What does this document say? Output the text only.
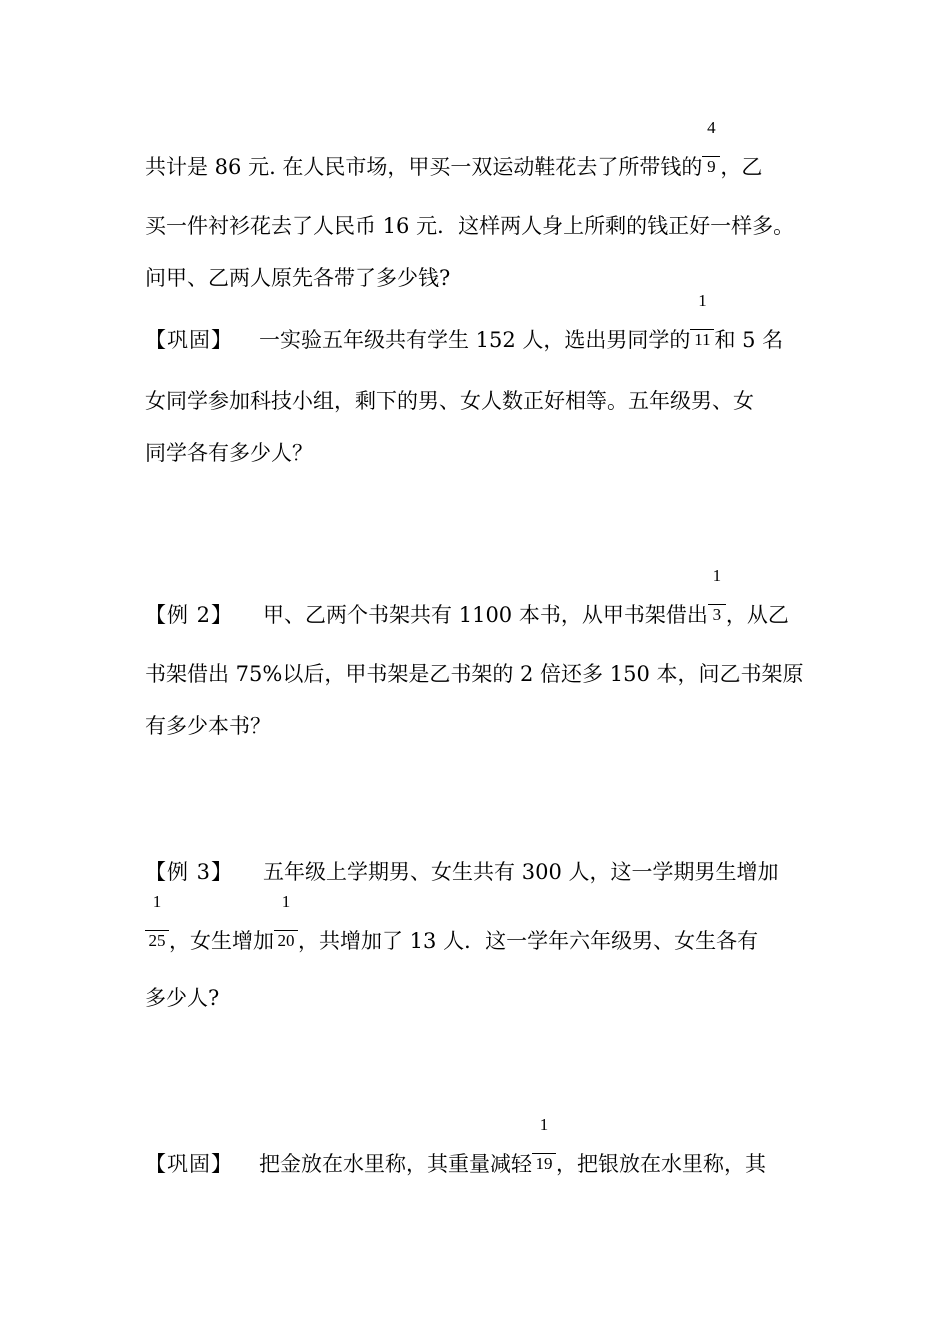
共计是 86 元. 在人民市场，甲买一双运动鞋花去了所带钱的 $\frac{4}{9}$ ，乙
买一件衬衫花去了人民币 16 元．这样两人身上所剩的钱正好一样多。
问甲、乙两人原先各带了多少钱?
【巩固】 一实验五年级共有学生 152 人，选出男同学的 $\frac{1}{11}$ 和 5 名
女同学参加科技小组，剩下的男、女人数正好相等。五年级男、女
同学各有多少人？
【例 2】 甲、乙两个书架共有 1100 本书，从甲书架借出 $\frac{1}{3}$ ，从乙
书架借出 75%以后，甲书架是乙书架的 2 倍还多 150 本，问乙书架原
有多少本书？
【例 3】 五年级上学期男、女生共有 300 人，这一学期男生增加
$\frac{1}{25}$ ，女生增加 $\frac{1}{20}$ ，共增加了 13 人．这一学年六年级男、女生各有
多少人?
【巩固】 把金放在水里称，其重量减轻 $\frac{1}{19}$ ，把银放在水里称，其
